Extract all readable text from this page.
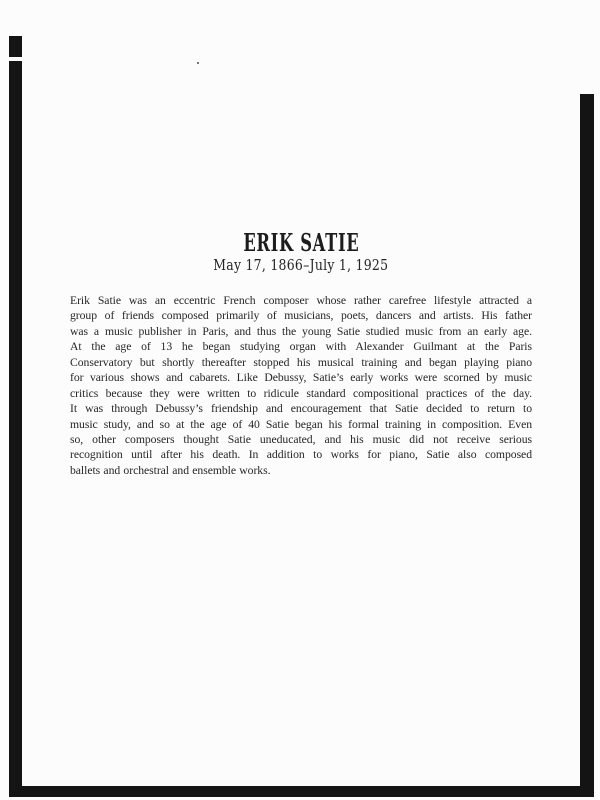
ERIK SATIE
May 17, 1866–July 1, 1925
Erik Satie was an eccentric French composer whose rather carefree lifestyle attracted a
group of friends composed primarily of musicians, poets, dancers and artists. His father
was a music publisher in Paris, and thus the young Satie studied music from an early age.
At the age of 13 he began studying organ with Alexander Guilmant at the Paris
Conservatory but shortly thereafter stopped his musical training and began playing piano
for various shows and cabarets. Like Debussy, Satie’s early works were scorned by music
critics because they were written to ridicule standard compositional practices of the day.
It was through Debussy’s friendship and encouragement that Satie decided to return to
music study, and so at the age of 40 Satie began his formal training in composition. Even
so, other composers thought Satie uneducated, and his music did not receive serious
recognition until after his death. In addition to works for piano, Satie also composed
ballets and orchestral and ensemble works.
